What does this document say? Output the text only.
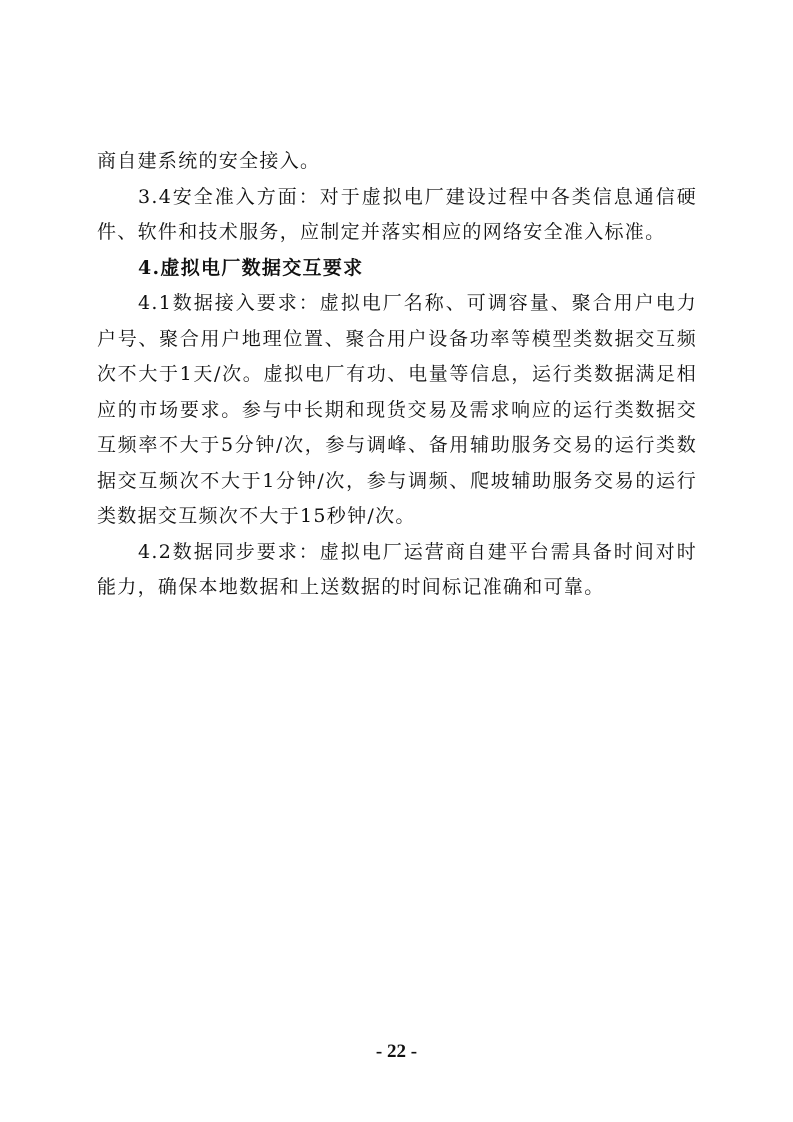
商自建系统的安全接入。

3.4安全准入方面：对于虚拟电厂建设过程中各类信息通信硬件、软件和技术服务，应制定并落实相应的网络安全准入标准。

4.虚拟电厂数据交互要求

4.1数据接入要求：虚拟电厂名称、可调容量、聚合用户电力户号、聚合用户地理位置、聚合用户设备功率等模型类数据交互频次不大于1天/次。虚拟电厂有功、电量等信息，运行类数据满足相应的市场要求。参与中长期和现货交易及需求响应的运行类数据交互频率不大于5分钟/次，参与调峰、备用辅助服务交易的运行类数据交互频次不大于1分钟/次，参与调频、爬坡辅助服务交易的运行类数据交互频次不大于15秒钟/次。

4.2数据同步要求：虚拟电厂运营商自建平台需具备时间对时能力，确保本地数据和上送数据的时间标记准确和可靠。

- 22 -
